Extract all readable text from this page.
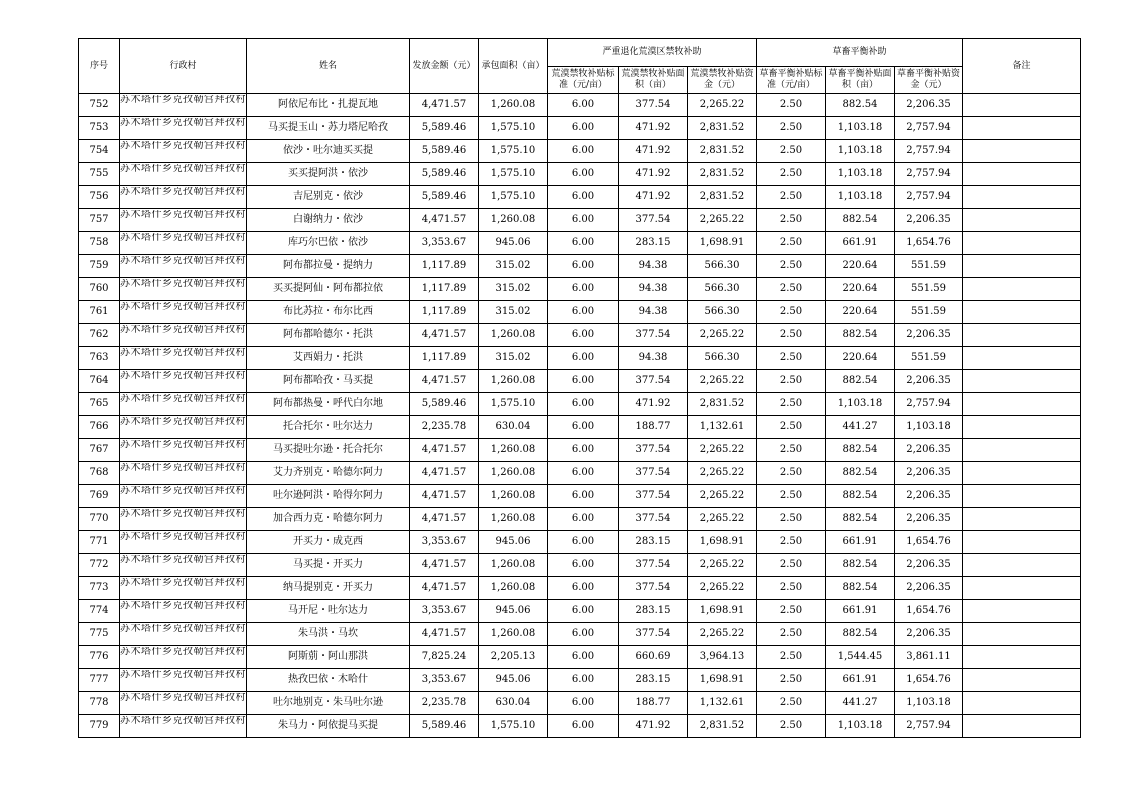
序号	行政村	姓名	发放金额（元）	承包面积（亩）	严重退化荒漠区禁牧补助			草畜平衡补助			备注
					荒漠禁牧补贴标准（元/亩）	荒漠禁牧补贴面积（亩）	荒漠禁牧补贴资金（元）	草畜平衡补贴标准（元/亩）	草畜平衡补贴面积（亩）	草畜平衡补贴资金（元）	
752	苏木塔什乡克孜勒宫拜孜村	阿依尼布比・扎提瓦地	4,471.57	1,260.08	6.00	377.54	2,265.22	2.50	882.54	2,206.35	
753	苏木塔什乡克孜勒宫拜孜村	马买提玉山・苏力塔尼哈孜	5,589.46	1,575.10	6.00	471.92	2,831.52	2.50	1,103.18	2,757.94	
754	苏木塔什乡克孜勒宫拜孜村	依沙・吐尔迪买买提	5,589.46	1,575.10	6.00	471.92	2,831.52	2.50	1,103.18	2,757.94	
755	苏木塔什乡克孜勒宫拜孜村	买买提阿洪・依沙	5,589.46	1,575.10	6.00	471.92	2,831.52	2.50	1,103.18	2,757.94	
756	苏木塔什乡克孜勒宫拜孜村	吉尼别克・依沙	5,589.46	1,575.10	6.00	471.92	2,831.52	2.50	1,103.18	2,757.94	
757	苏木塔什乡克孜勒宫拜孜村	白谢纳力・依沙	4,471.57	1,260.08	6.00	377.54	2,265.22	2.50	882.54	2,206.35	
758	苏木塔什乡克孜勒宫拜孜村	库巧尔巴依・依沙	3,353.67	945.06	6.00	283.15	1,698.91	2.50	661.91	1,654.76	
759	苏木塔什乡克孜勒宫拜孜村	阿布都拉曼・提纳力	1,117.89	315.02	6.00	94.38	566.30	2.50	220.64	551.59	
760	苏木塔什乡克孜勒宫拜孜村	买买提阿仙・阿布都拉依	1,117.89	315.02	6.00	94.38	566.30	2.50	220.64	551.59	
761	苏木塔什乡克孜勒宫拜孜村	布比苏拉・布尔比西	1,117.89	315.02	6.00	94.38	566.30	2.50	220.64	551.59	
762	苏木塔什乡克孜勒宫拜孜村	阿布都哈德尔・托洪	4,471.57	1,260.08	6.00	377.54	2,265.22	2.50	882.54	2,206.35	
763	苏木塔什乡克孜勒宫拜孜村	艾西娟力・托洪	1,117.89	315.02	6.00	94.38	566.30	2.50	220.64	551.59	
764	苏木塔什乡克孜勒宫拜孜村	阿布都哈孜・马买提	4,471.57	1,260.08	6.00	377.54	2,265.22	2.50	882.54	2,206.35	
765	苏木塔什乡克孜勒宫拜孜村	阿布都热曼・呼代白尔地	5,589.46	1,575.10	6.00	471.92	2,831.52	2.50	1,103.18	2,757.94	
766	苏木塔什乡克孜勒宫拜孜村	托合托尔・吐尔达力	2,235.78	630.04	6.00	188.77	1,132.61	2.50	441.27	1,103.18	
767	苏木塔什乡克孜勒宫拜孜村	马买提吐尔逊・托合托尔	4,471.57	1,260.08	6.00	377.54	2,265.22	2.50	882.54	2,206.35	
768	苏木塔什乡克孜勒宫拜孜村	艾力齐别克・哈德尔阿力	4,471.57	1,260.08	6.00	377.54	2,265.22	2.50	882.54	2,206.35	
769	苏木塔什乡克孜勒宫拜孜村	吐尔逊阿洪・哈得尔阿力	4,471.57	1,260.08	6.00	377.54	2,265.22	2.50	882.54	2,206.35	
770	苏木塔什乡克孜勒宫拜孜村	加合西力克・哈德尔阿力	4,471.57	1,260.08	6.00	377.54	2,265.22	2.50	882.54	2,206.35	
771	苏木塔什乡克孜勒宫拜孜村	开买力・成克西	3,353.67	945.06	6.00	283.15	1,698.91	2.50	661.91	1,654.76	
772	苏木塔什乡克孜勒宫拜孜村	马买提・开买力	4,471.57	1,260.08	6.00	377.54	2,265.22	2.50	882.54	2,206.35	
773	苏木塔什乡克孜勒宫拜孜村	纳马提别克・开买力	4,471.57	1,260.08	6.00	377.54	2,265.22	2.50	882.54	2,206.35	
774	苏木塔什乡克孜勒宫拜孜村	马开尼・吐尔达力	3,353.67	945.06	6.00	283.15	1,698.91	2.50	661.91	1,654.76	
775	苏木塔什乡克孜勒宫拜孜村	朱马洪・马坎	4,471.57	1,260.08	6.00	377.54	2,265.22	2.50	882.54	2,206.35	
776	苏木塔什乡克孜勒宫拜孜村	阿斯莂・阿山那洪	7,825.24	2,205.13	6.00	660.69	3,964.13	2.50	1,544.45	3,861.11	
777	苏木塔什乡克孜勒宫拜孜村	热孜巴依・木哈什	3,353.67	945.06	6.00	283.15	1,698.91	2.50	661.91	1,654.76	
778	苏木塔什乡克孜勒宫拜孜村	吐尔地别克・朱马吐尔逊	2,235.78	630.04	6.00	188.77	1,132.61	2.50	441.27	1,103.18	
779	苏木塔什乡克孜勒宫拜孜村	朱马力・阿依提马买提	5,589.46	1,575.10	6.00	471.92	2,831.52	2.50	1,103.18	2,757.94	
